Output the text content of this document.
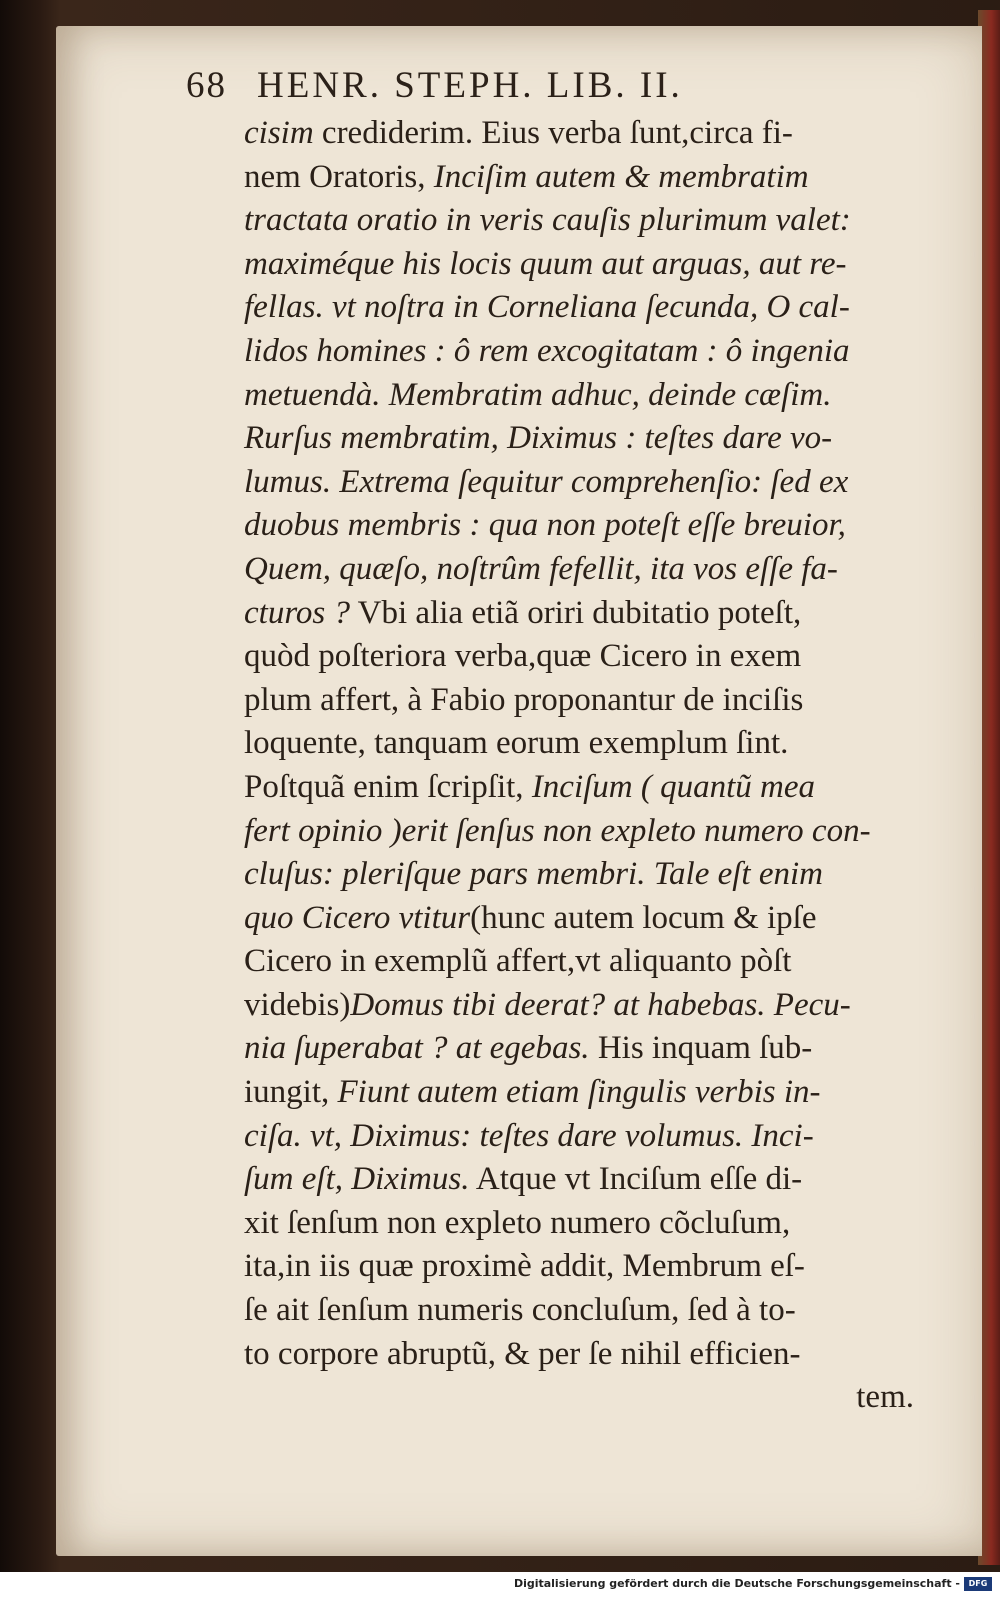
68 HENR. STEPH. LIB. II.
cisim crediderim. Eius verba ſunt,circa fi-
nem Oratoris, Inciſim autem & membratim
tractata oratio in veris cauſis plurimum valet:
maximéque his locis quum aut arguas, aut re-
fellas. vt noſtra in Corneliana ſecunda, O cal-
lidos homines : ô rem excogitatam : ô ingenia
metuendà. Membratim adhuc, deinde cæſim.
Rurſus membratim, Diximus : teſtes dare vo-
lumus. Extrema ſequitur comprehenſio: ſed ex
duobus membris : qua non poteſt eſſe breuior,
Quem, quæſo, noſtrûm fefellit, ita vos eſſe fa-
cturos ? Vbi alia etiã oriri dubitatio poteſt,
quòd poſteriora verba,quæ Cicero in exem
plum affert, à Fabio proponantur de inciſis
loquente, tanquam eorum exemplum ſint.
Poſtquã enim ſcripſit, Inciſum ( quantũ mea
fert opinio )erit ſenſus non expleto numero con-
cluſus: pleriſque pars membri. Tale eſt enim
quo Cicero vtitur(hunc autem locum & ipſe
Cicero in exemplũ affert,vt aliquanto pòſt
videbis)Domus tibi deerat? at habebas. Pecu-
nia ſuperabat ? at egebas. His inquam ſub-
iungit, Fiunt autem etiam ſingulis verbis in-
ciſa. vt, Diximus: teſtes dare volumus. Inci-
ſum eſt, Diximus. Atque vt Inciſum eſſe di-
xit ſenſum non expleto numero cõcluſum,
ita,in iis quæ proximè addit, Membrum eſ-
ſe ait ſenſum numeris concluſum, ſed à to-
to corpore abruptũ, & per ſe nihil efficien-
tem.
Digitalisierung gefördert durch die Deutsche Forschungsgemeinschaft -	DFG
